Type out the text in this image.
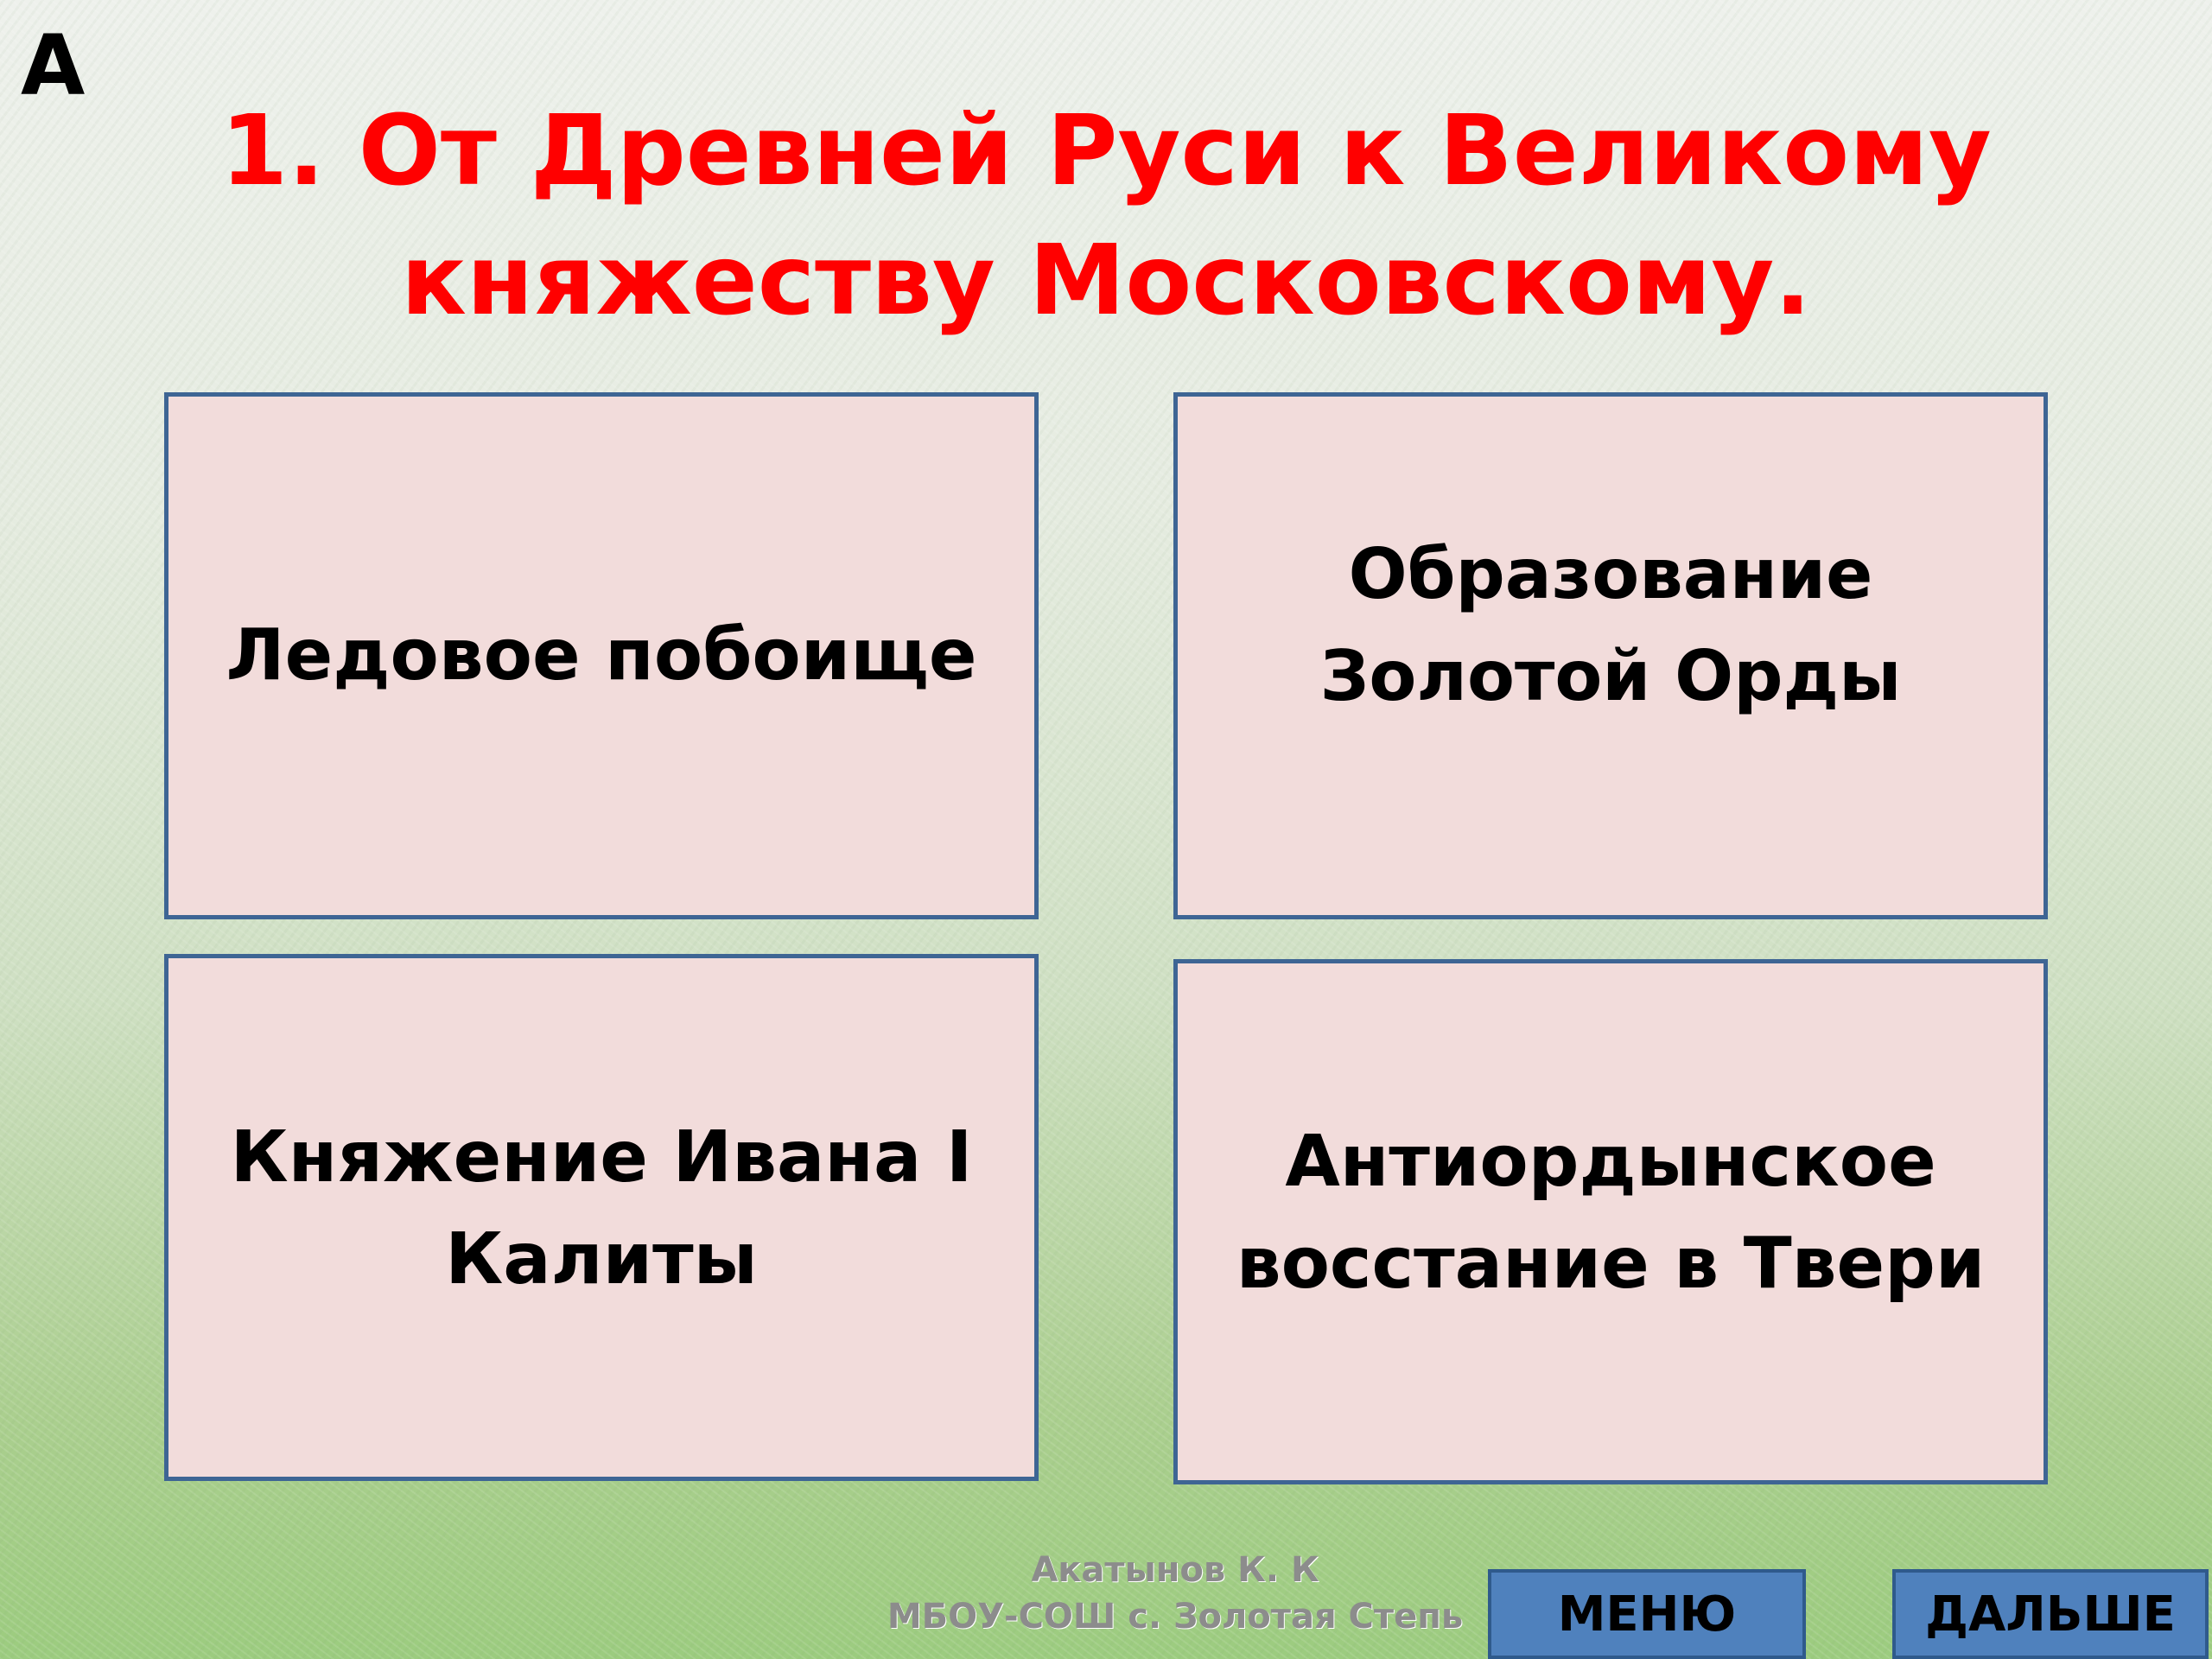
А
1. От Древней Руси к Великому
княжеству Московскому.
Ледовое побоище
Образование Золотой Орды
Княжение Ивана I Калиты
Антиордынское восстание в Твери
Акатынов К. К
МБОУ-СОШ с. Золотая Степь	МЕНЮ	ДАЛЬШЕ
